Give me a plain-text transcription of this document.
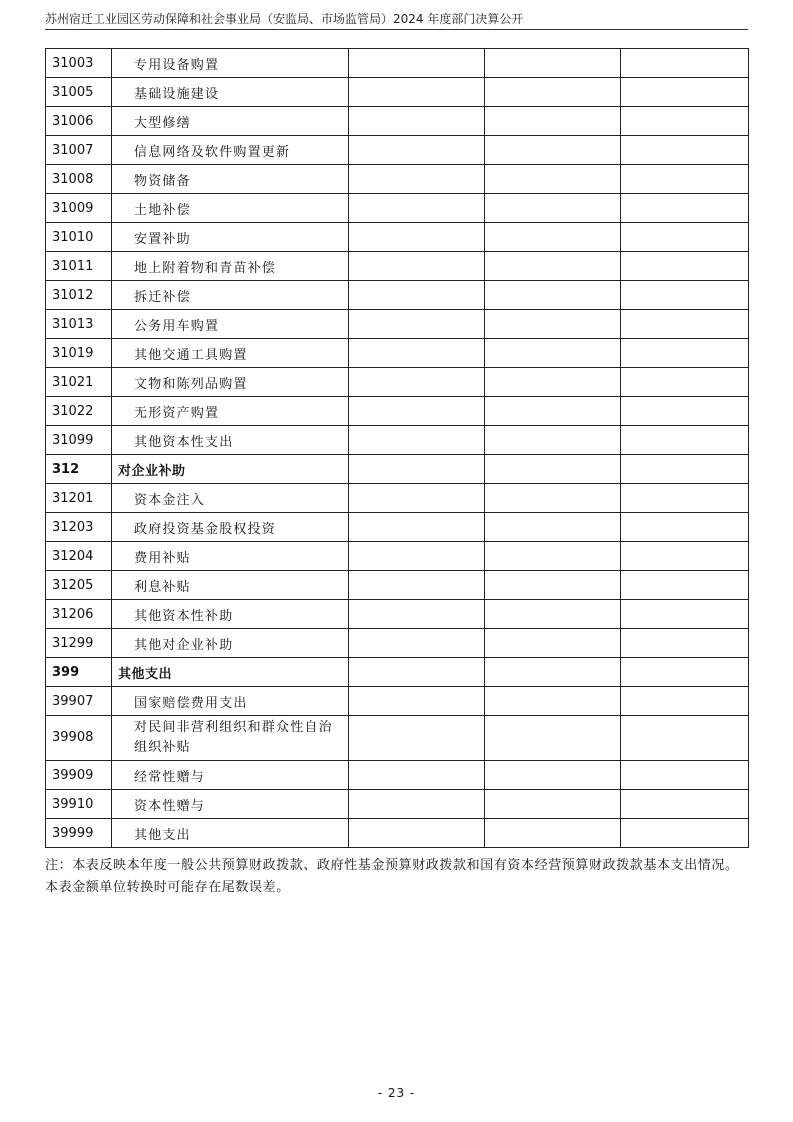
苏州宿迁工业园区劳动保障和社会事业局（安监局、市场监管局）2024 年度部门决算公开
31003	专用设备购置			
31005	基础设施建设			
31006	大型修缮			
31007	信息网络及软件购置更新			
31008	物资储备			
31009	土地补偿			
31010	安置补助			
31011	地上附着物和青苗补偿			
31012	拆迁补偿			
31013	公务用车购置			
31019	其他交通工具购置			
31021	文物和陈列品购置			
31022	无形资产购置			
31099	其他资本性支出			
312	对企业补助			
31201	资本金注入			
31203	政府投资基金股权投资			
31204	费用补贴			
31205	利息补贴			
31206	其他资本性补助			
31299	其他对企业补助			
399	其他支出			
39907	国家赔偿费用支出			
39908	对民间非营利组织和群众性自治组织补贴			
39909	经常性赠与			
39910	资本性赠与			
39999	其他支出			
注：本表反映本年度一般公共预算财政拨款、政府性基金预算财政拨款和国有资本经营预算财政拨款基本支出情况。本表金额单位转换时可能存在尾数误差。
- 23 -
